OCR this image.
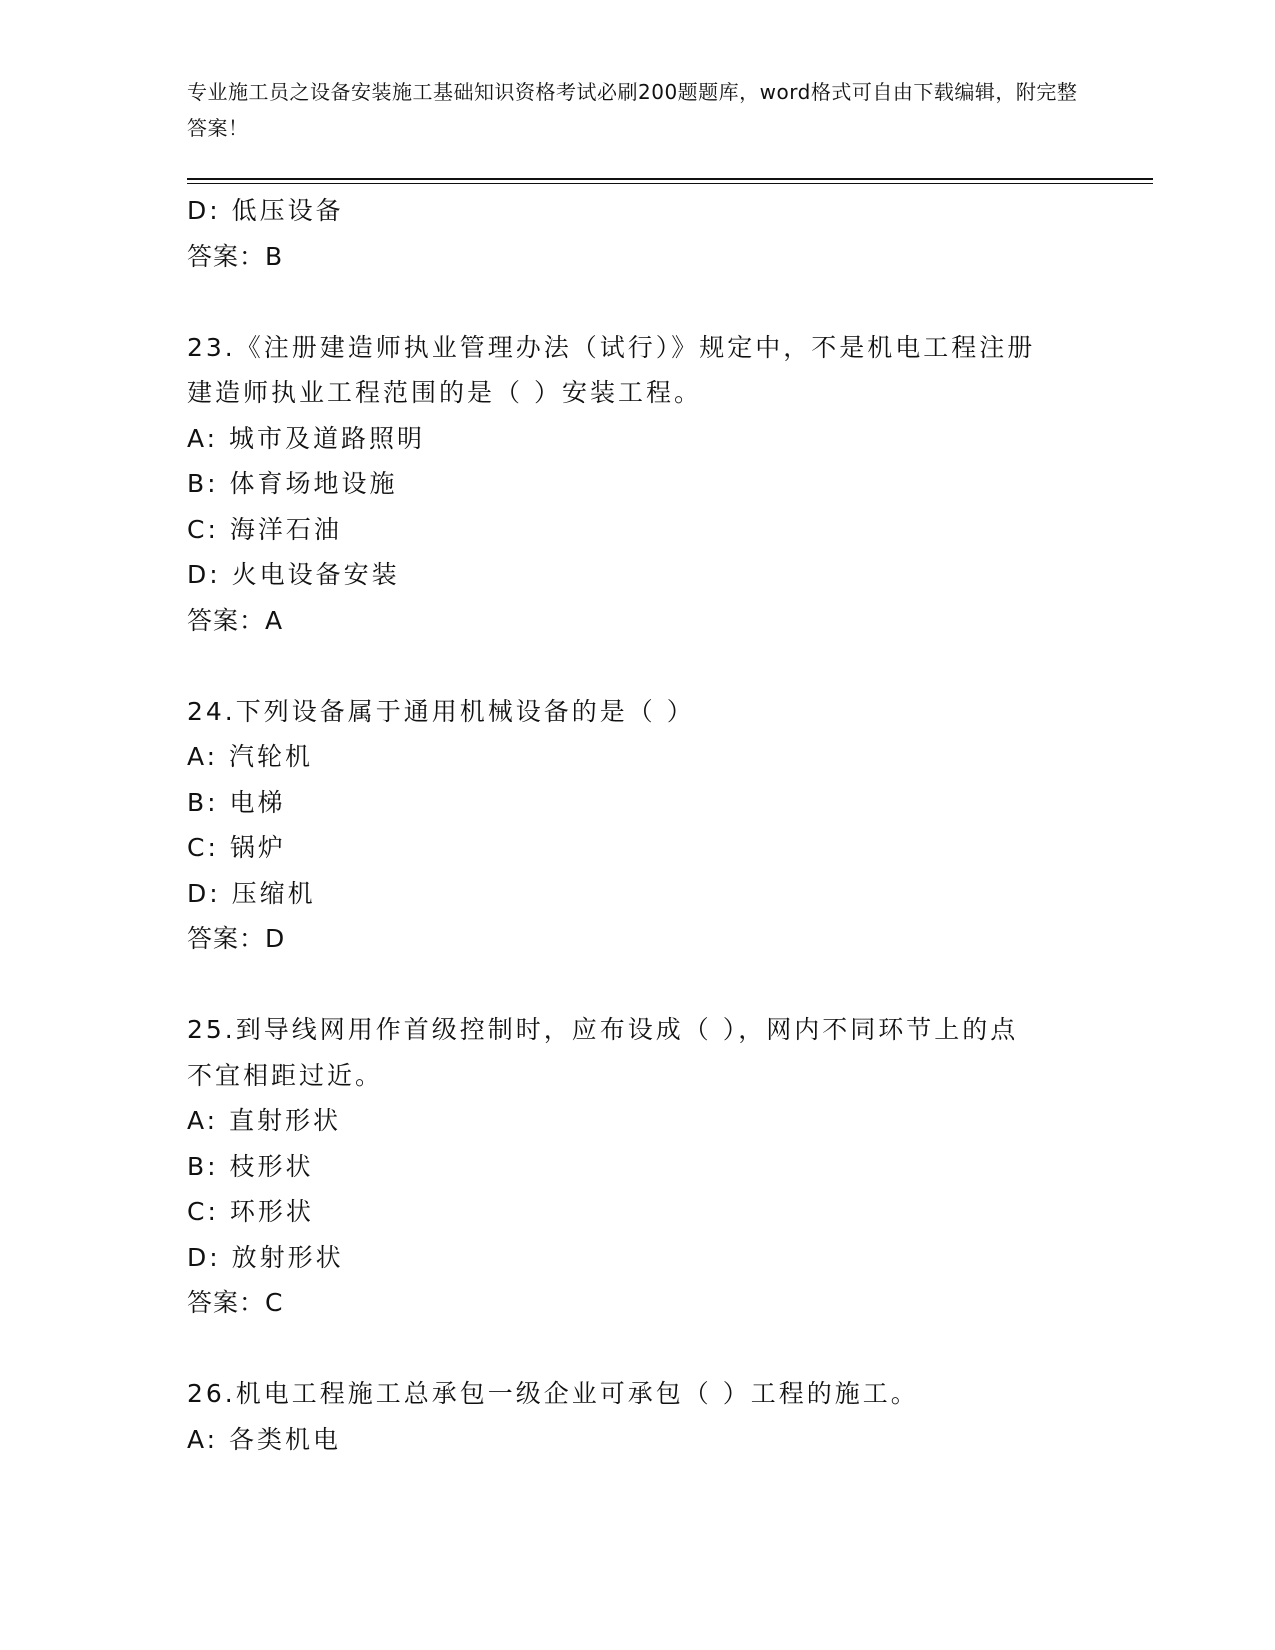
专业施工员之设备安装施工基础知识资格考试必刷200题题库，word格式可自由下载编辑，附完整答案！
D: 低压设备
答案：B
23.《注册建造师执业管理办法（试行）》规定中，不是机电工程注册
建造师执业工程范围的是（ ）安装工程。
A: 城市及道路照明
B: 体育场地设施
C: 海洋石油
D: 火电设备安装
答案：A
24.下列设备属于通用机械设备的是（ ）
A: 汽轮机
B: 电梯
C: 锅炉
D: 压缩机
答案：D
25.到导线网用作首级控制时，应布设成（ ），网内不同环节上的点
不宜相距过近。
A: 直射形状
B: 枝形状
C: 环形状
D: 放射形状
答案：C
26.机电工程施工总承包一级企业可承包（ ）工程的施工。
A: 各类机电
